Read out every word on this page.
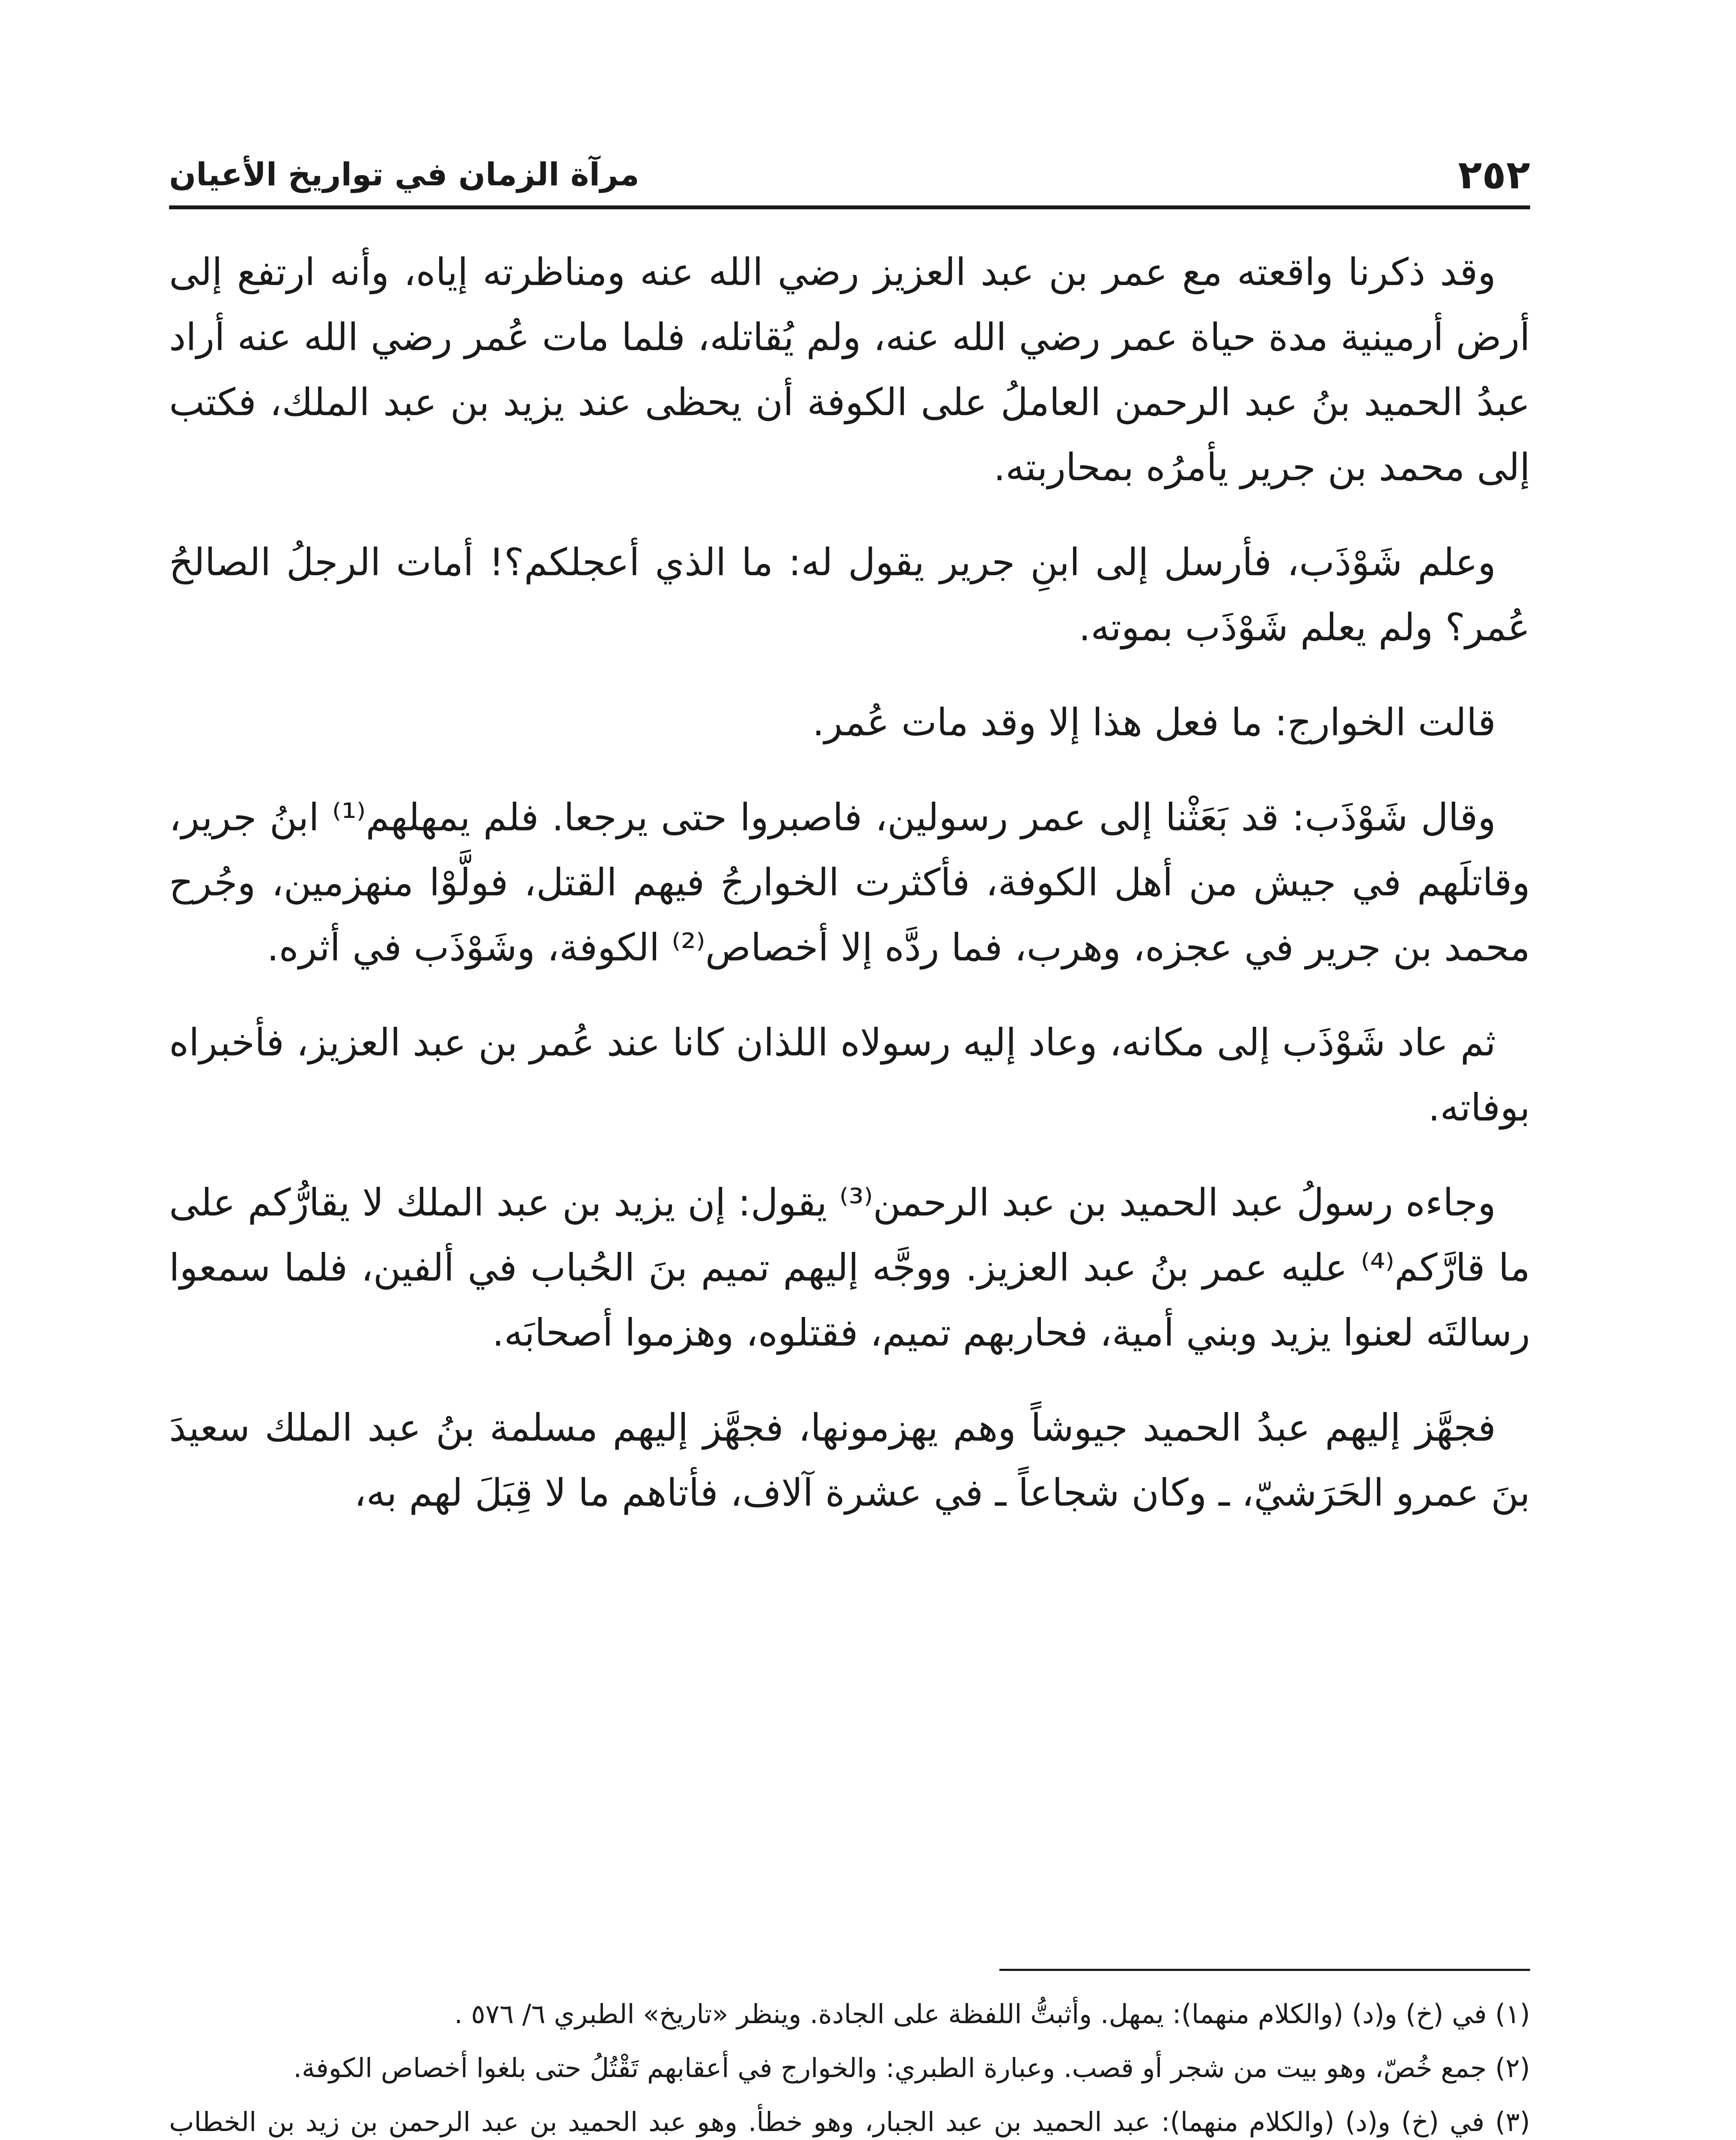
٢٥٢
مرآة الزمان في تواريخ الأعيان

وقد ذكرنا واقعته مع عمر بن عبد العزيز رضي الله عنه ومناظرته إياه، وأنه ارتفع إلى أرض أرمينية مدة حياة عمر رضي الله عنه، ولم يُقاتله، فلما مات عُمر رضي الله عنه أراد عبدُ الحميد بنُ عبد الرحمن العاملُ على الكوفة أن يحظى عند يزيد بن عبد الملك، فكتب إلى محمد بن جرير يأمرُه بمحاربته.

وعلم شَوْذَب، فأرسل إلى ابنِ جرير يقول له: ما الذي أعجلكم؟! أمات الرجلُ الصالحُ عُمر؟ ولم يعلم شَوْذَب بموته.

قالت الخوارج: ما فعل هذا إلا وقد مات عُمر.

وقال شَوْذَب: قد بَعَثْنا إلى عمر رسولين، فاصبروا حتى يرجعا. فلم يمهلهم⁽¹⁾ ابنُ جرير، وقاتلَهم في جيش من أهل الكوفة، فأكثرت الخوارجُ فيهم القتل، فولَّوْا منهزمين، وجُرح محمد بن جرير في عجزه، وهرب، فما ردَّه إلا أخصاص⁽²⁾ الكوفة، وشَوْذَب في أثره.

ثم عاد شَوْذَب إلى مكانه، وعاد إليه رسولاه اللذان كانا عند عُمر بن عبد العزيز، فأخبراه بوفاته.

وجاءه رسولُ عبد الحميد بن عبد الرحمن⁽³⁾ يقول: إن يزيد بن عبد الملك لا يقارُّكم على ما قارَّكم⁽⁴⁾ عليه عمر بنُ عبد العزيز. ووجَّه إليهم تميم بنَ الحُباب في ألفين، فلما سمعوا رسالتَه لعنوا يزيد وبني أمية، فحاربهم تميم، فقتلوه، وهزموا أصحابَه.

فجهَّز إليهم عبدُ الحميد جيوشاً وهم يهزمونها، فجهَّز إليهم مسلمة بنُ عبد الملك سعيدَ بنَ عمرو الحَرَشيّ، ـ وكان شجاعاً ـ في عشرة آلاف، فأتاهم ما لا قِبَلَ لهم به،

(١) في (خ) و(د) (والكلام منهما): يمهل. وأثبتُّ اللفظة على الجادة. وينظر «تاريخ» الطبري ٦/ ٥٧٦ .
(٢) جمع خُصّ، وهو بيت من شجر أو قصب. وعبارة الطبري: والخوارج في أعقابهم تَقْتُلُ حتى بلغوا أخصاص الكوفة.
(٣) في (خ) و(د) (والكلام منهما): عبد الحميد بن عبد الجبار، وهو خطأ. وهو عبد الحميد بن عبد الرحمن بن زيد بن الخطاب
